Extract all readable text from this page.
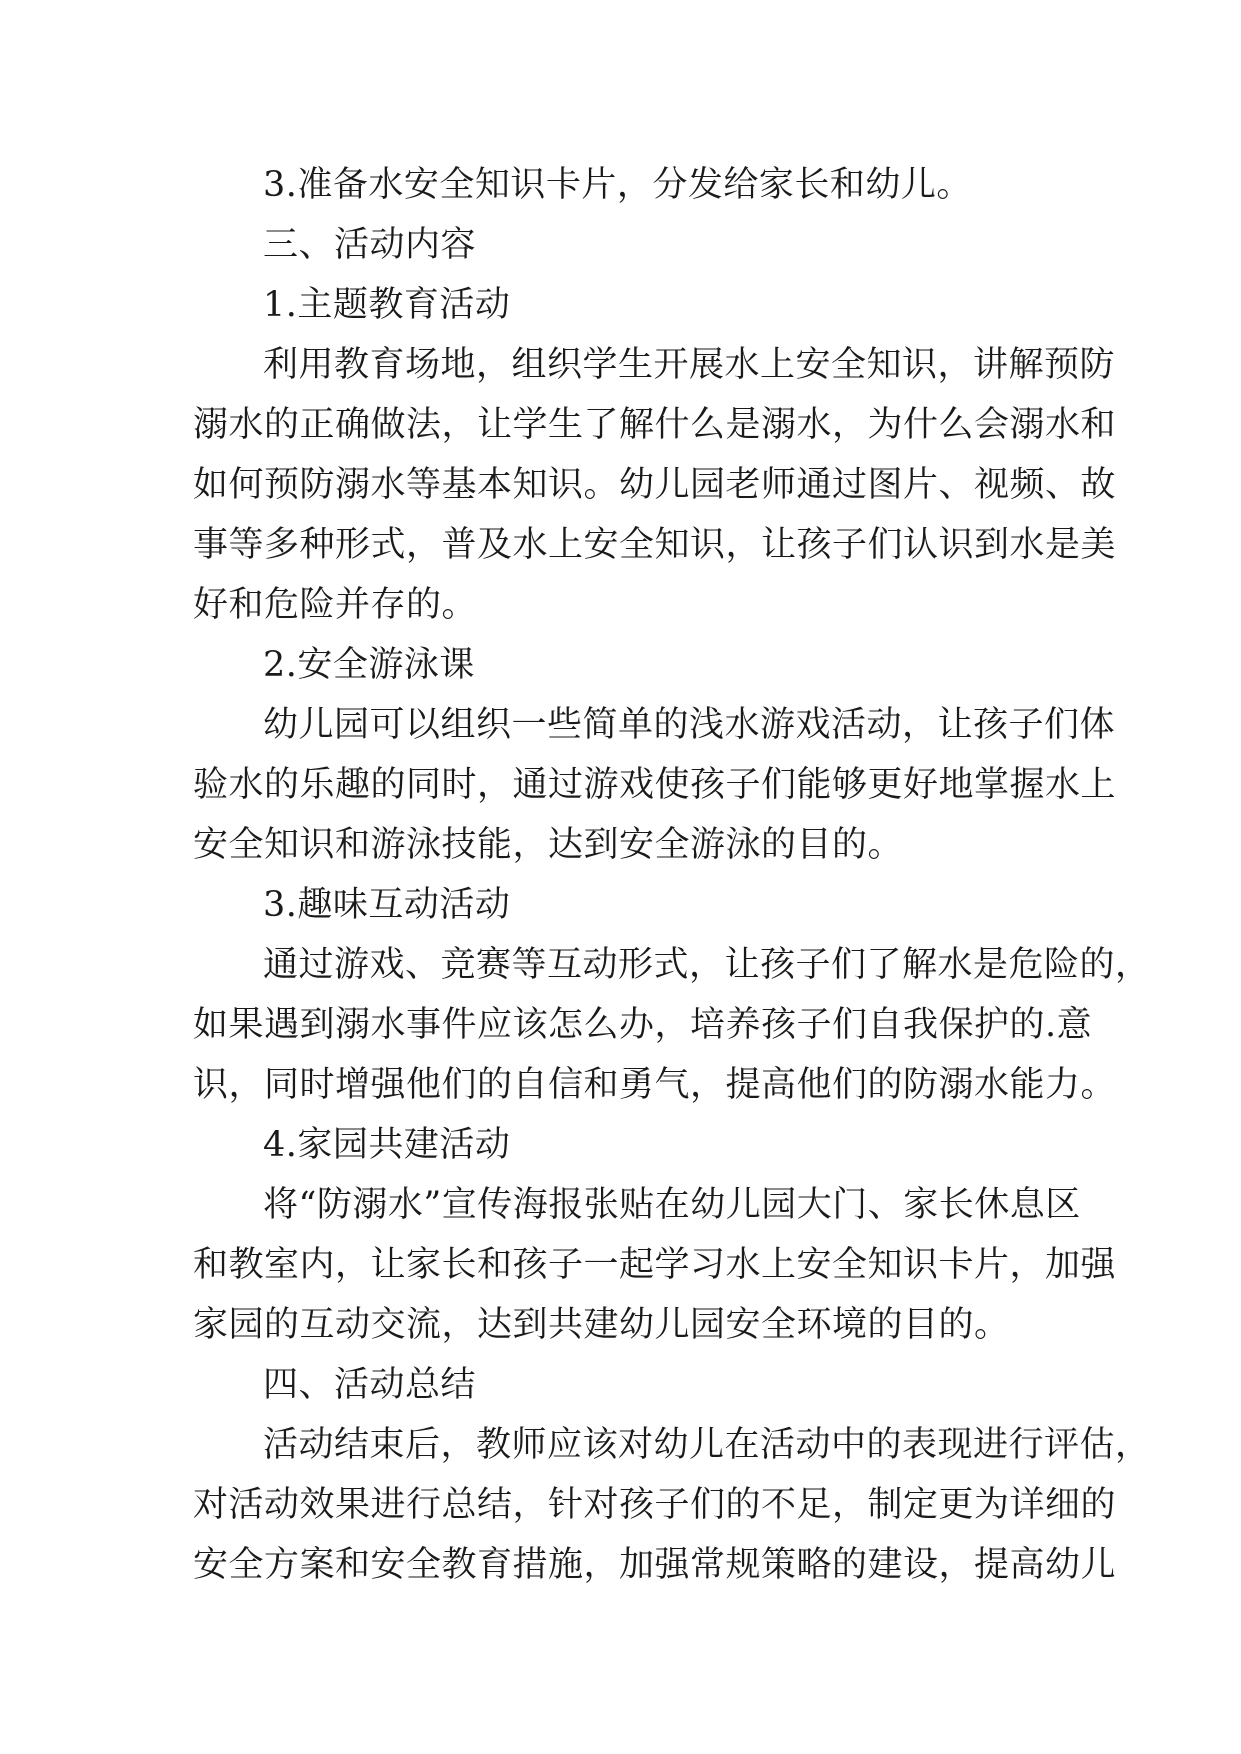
3.准备水安全知识卡片，分发给家长和幼儿。
三、活动内容
1.主题教育活动
利用教育场地，组织学生开展水上安全知识，讲解预防
溺水的正确做法，让学生了解什么是溺水，为什么会溺水和
如何预防溺水等基本知识。幼儿园老师通过图片、视频、故
事等多种形式，普及水上安全知识，让孩子们认识到水是美
好和危险并存的。
2.安全游泳课
幼儿园可以组织一些简单的浅水游戏活动，让孩子们体
验水的乐趣的同时，通过游戏使孩子们能够更好地掌握水上
安全知识和游泳技能，达到安全游泳的目的。
3.趣味互动活动
通过游戏、竞赛等互动形式，让孩子们了解水是危险的，
如果遇到溺水事件应该怎么办，培养孩子们自我保护的.意
识，同时增强他们的自信和勇气，提高他们的防溺水能力。
4.家园共建活动
将“防溺水”宣传海报张贴在幼儿园大门、家长休息区
和教室内，让家长和孩子一起学习水上安全知识卡片，加强
家园的互动交流，达到共建幼儿园安全环境的目的。
四、活动总结
活动结束后，教师应该对幼儿在活动中的表现进行评估，
对活动效果进行总结，针对孩子们的不足，制定更为详细的
安全方案和安全教育措施，加强常规策略的建设，提高幼儿
